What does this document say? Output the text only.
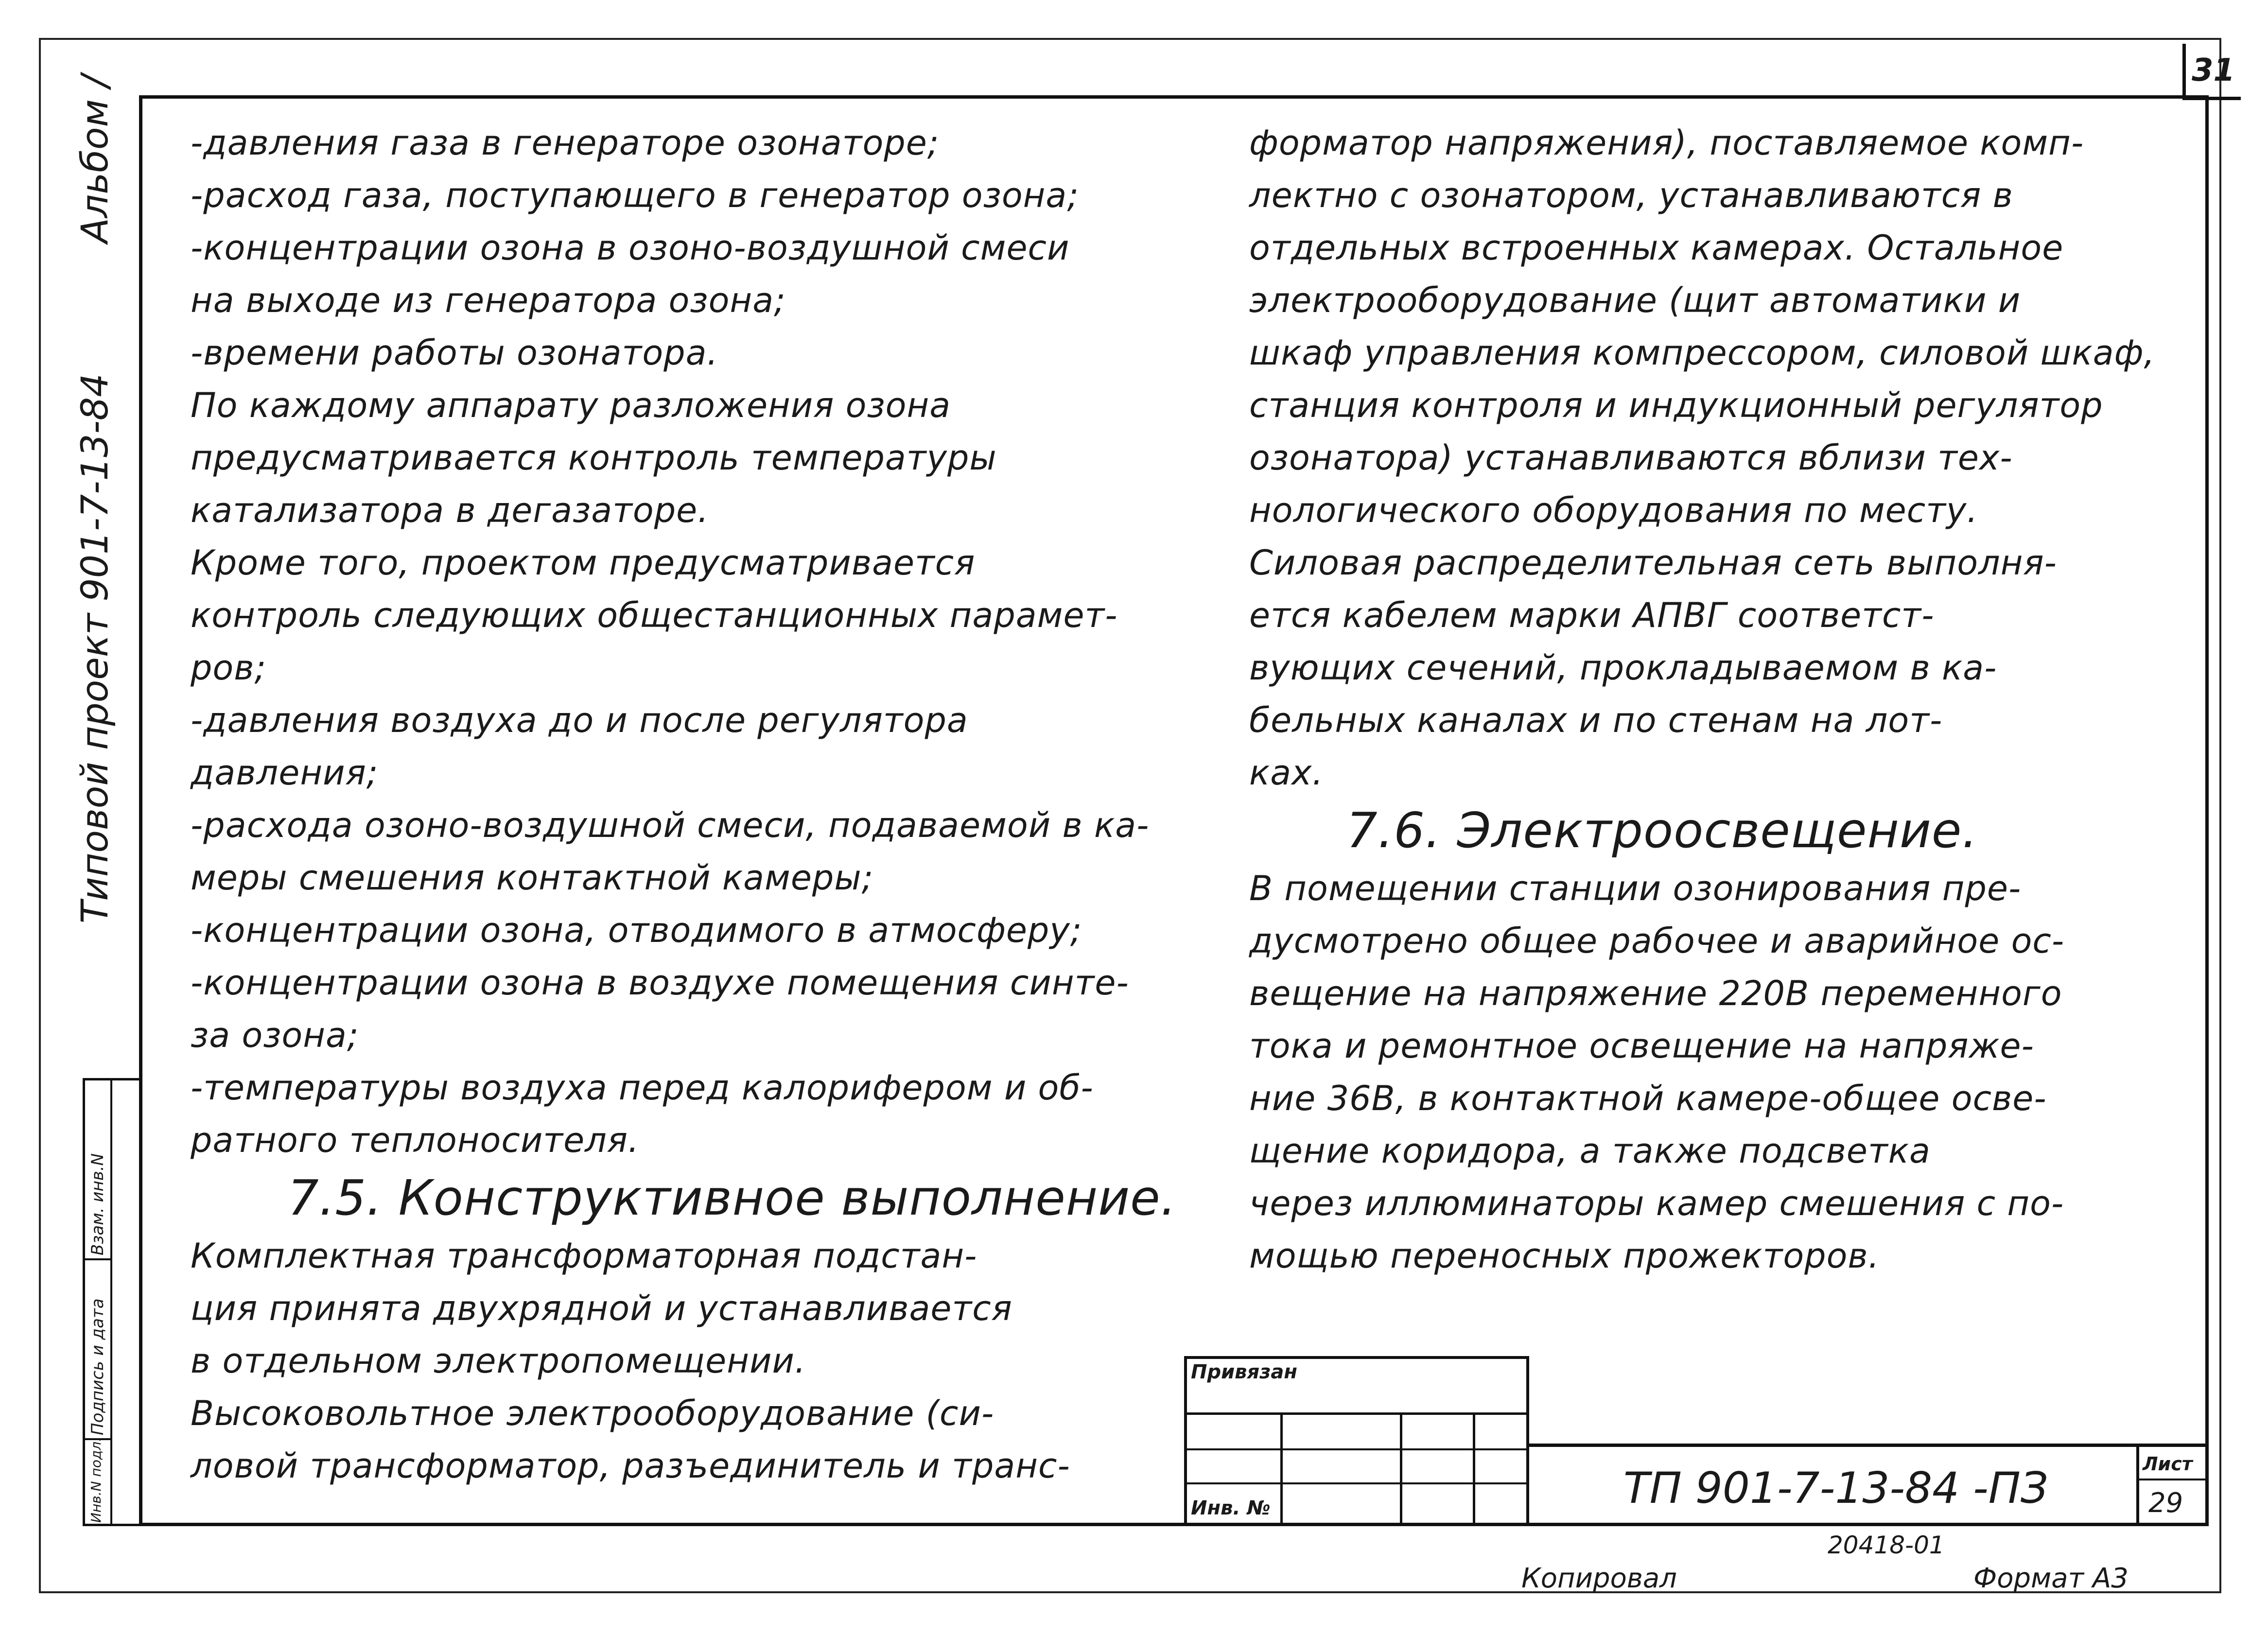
31
Типовой проект 901-7-13-84  Альбом /
Взам. инв.N
Подпись и дата
Инв.N подл.
-давления газа в генераторе озонаторе;
-расход газа, поступающего в генератор озона;
-концентрации озона в озоно-воздушной смеси
на выходе из генератора озона;
-времени работы озонатора.
По каждому аппарату разложения озона
предусматривается контроль температуры
катализатора в дегазаторе.
Кроме того, проектом предусматривается
контроль следующих общестанционных парамет-
ров;
-давления воздуха до и после регулятора
давления;
-расхода озоно-воздушной смеси, подаваемой в ка-
меры смешения контактной камеры;
-концентрации озона, отводимого в атмосферу;
-концентрации озона в воздухе помещения синте-
за озона;
-температуры воздуха перед калорифером и об-
ратного теплоносителя.
7.5. Конструктивное выполнение.
Комплектная трансформаторная подстан-
ция принята двухрядной и устанавливается
в отдельном электропомещении.
Высоковольтное электрооборудование (си-
ловой трансформатор, разъединитель и транс-
форматор напряжения), поставляемое комп-
лектно с озонатором, устанавливаются в
отдельных встроенных камерах. Остальное
электрооборудование (щит автоматики и
шкаф управления компрессором, силовой шкаф,
станция контроля и индукционный регулятор
озонатора) устанавливаются вблизи тех-
нологического оборудования по месту.
Силовая распределительная сеть выполня-
ется кабелем марки АПВГ соответст-
вующих сечений, прокладываемом в ка-
бельных каналах и по стенам на лот-
ках.
7.6. Электроосвещение.
В помещении станции озонирования пре-
дусмотрено общее рабочее и аварийное ос-
вещение на напряжение 220В переменного
тока и ремонтное освещение на напряже-
ние 36В, в контактной камере-общее осве-
щение коридора, а также подсветка
через иллюминаторы камер смешения с по-
мощью переносных прожекторов.
Привязан
Инв. №	ТП 901-7-13-84 -ПЗ	Лист
29
20418-01
Копировал	Формат А3
